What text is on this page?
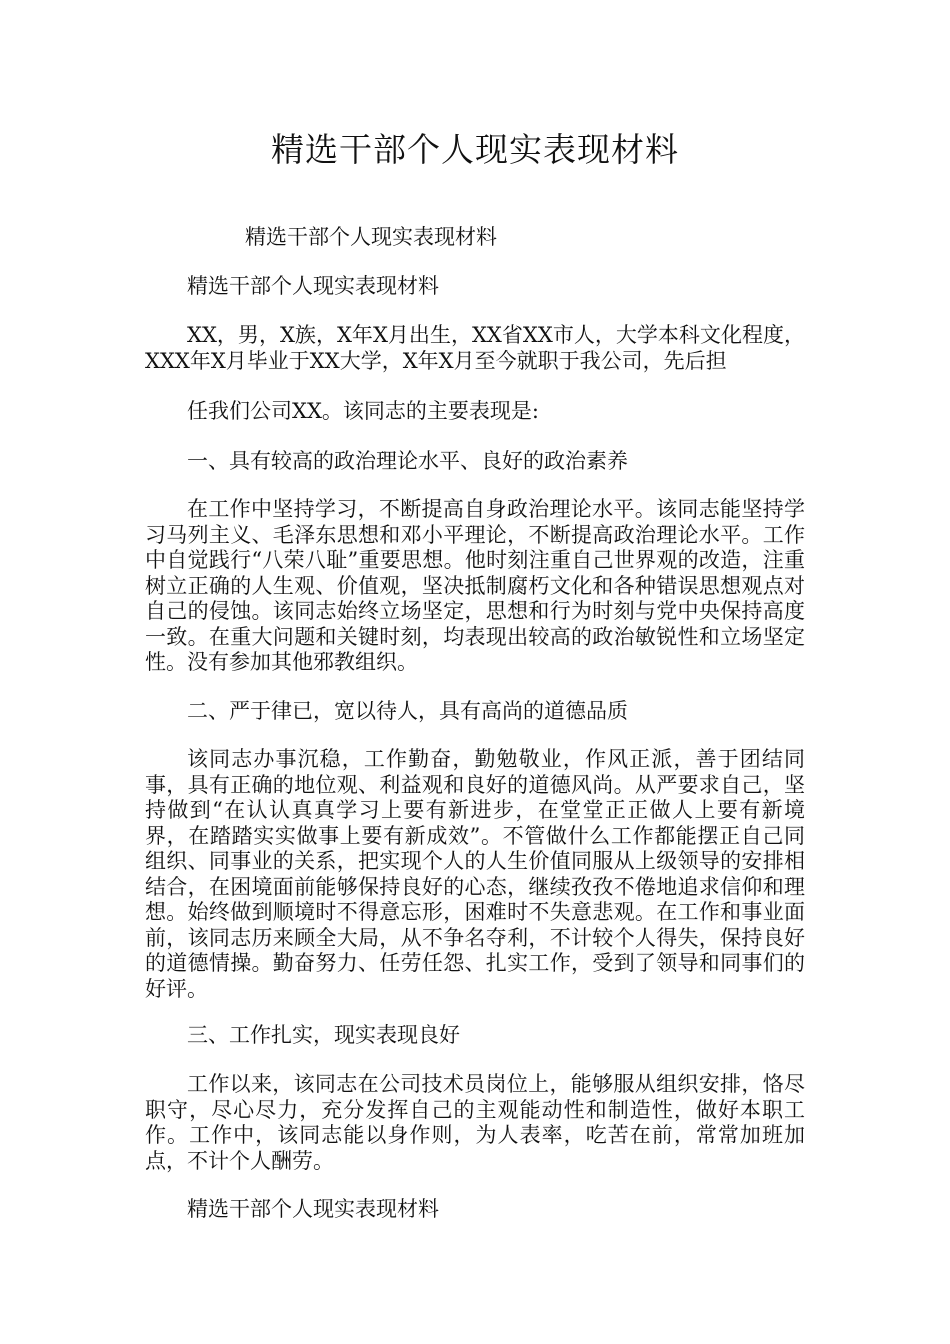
精选干部个人现实表现材料

精选干部个人现实表现材料

精选干部个人现实表现材料

XX，男，X族，X年X月出生，XX省XX市人，大学本科文化程度，XXX年X月毕业于XX大学，X年X月至今就职于我公司，先后担

任我们公司XX。该同志的主要表现是:

一、具有较高的政治理论水平、良好的政治素养

在工作中坚持学习，不断提高自身政治理论水平。该同志能坚持学习马列主义、毛泽东思想和邓小平理论，不断提高政治理论水平。工作中自觉践行“八荣八耻”重要思想。他时刻注重自己世界观的改造，注重树立正确的人生观、价值观，坚决抵制腐朽文化和各种错误思想观点对自己的侵蚀。该同志始终立场坚定，思想和行为时刻与党中央保持高度一致。在重大问题和关键时刻，均表现出较高的政治敏锐性和立场坚定性。没有参加其他邪教组织。

二、严于律已，宽以待人，具有高尚的道德品质

该同志办事沉稳，工作勤奋，勤勉敬业，作风正派，善于团结同事，具有正确的地位观、利益观和良好的道德风尚。从严要求自己，坚持做到“在认认真真学习上要有新进步，在堂堂正正做人上要有新境界，在踏踏实实做事上要有新成效”。不管做什么工作都能摆正自己同组织、同事业的关系，把实现个人的人生价值同服从上级领导的安排相结合，在困境面前能够保持良好的心态，继续孜孜不倦地追求信仰和理想。始终做到顺境时不得意忘形，困难时不失意悲观。在工作和事业面前，该同志历来顾全大局，从不争名夺利，不计较个人得失，保持良好的道德情操。勤奋努力、任劳任怨、扎实工作，受到了领导和同事们的好评。

三、工作扎实，现实表现良好

工作以来，该同志在公司技术员岗位上，能够服从组织安排，恪尽职守，尽心尽力，充分发挥自己的主观能动性和制造性，做好本职工作。工作中，该同志能以身作则，为人表率，吃苦在前，常常加班加点，不计个人酬劳。

精选干部个人现实表现材料
